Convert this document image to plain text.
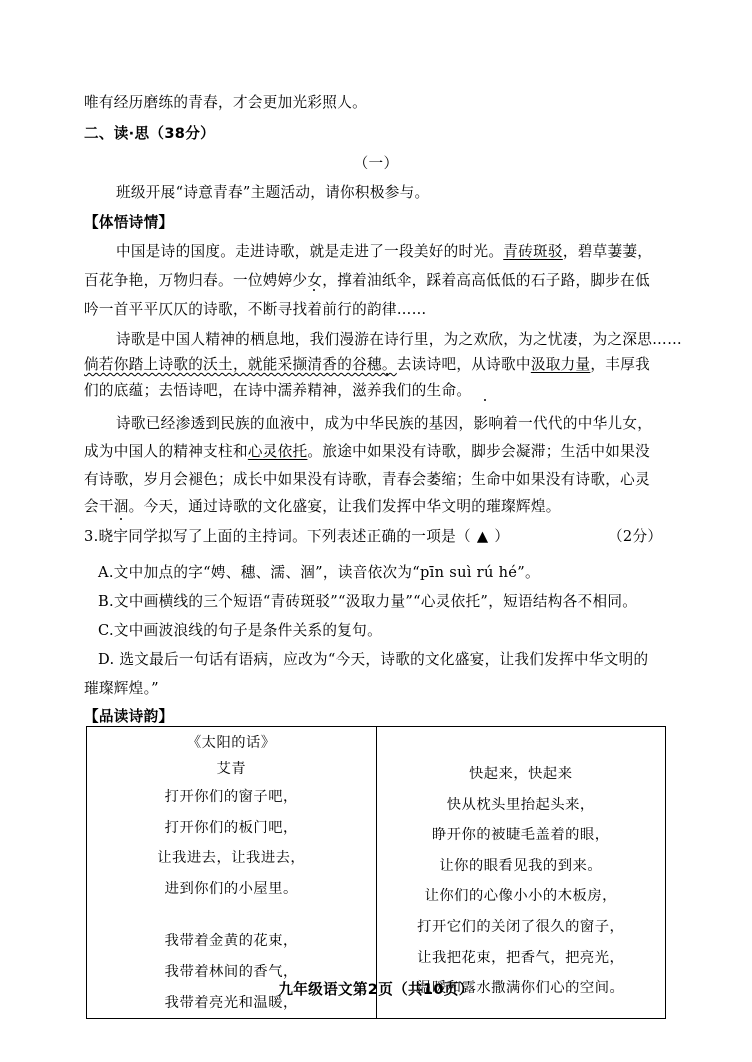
唯有经历磨练的青春，才会更加光彩照人。
二、读·思（38分）
（一）
班级开展“诗意青春”主题活动，请你积极参与。
【体悟诗情】
中国是诗的国度。走进诗歌，就是走进了一段美好的时光。青砖斑驳，碧草萋萋，
百花争艳，万物归春。一位娉婷少女，撑着油纸伞，踩着高高低低的石子路，脚步在低
吟一首平平仄仄的诗歌，不断寻找着前行的韵律……
诗歌是中国人精神的栖息地，我们漫游在诗行里，为之欢欣，为之忧凄，为之深思……
倘若你踏上诗歌的沃土，就能采撷清香的谷穗。去读诗吧，从诗歌中汲取力量，丰厚我
们的底蕴；去悟诗吧，在诗中濡养精神，滋养我们的生命。
诗歌已经渗透到民族的血液中，成为中华民族的基因，影响着一代代的中华儿女，
成为中国人的精神支柱和心灵依托。旅途中如果没有诗歌，脚步会凝滞；生活中如果没
有诗歌，岁月会褪色；成长中如果没有诗歌，青春会萎缩；生命中如果没有诗歌，心灵
会干涸。今天，通过诗歌的文化盛宴，让我们发挥中华文明的璀璨辉煌。
3.晓宇同学拟写了上面的主持词。下列表述正确的一项是（ ▲ ）	（2分）
A.文中加点的字“娉、穗、濡、涸”，读音依次为“pīn suì rú hé”。
B.文中画横线的三个短语“青砖斑驳”“汲取力量”“心灵依托”，短语结构各不相同。
C.文中画波浪线的句子是条件关系的复句。
D. 选文最后一句话有语病，应改为“今天，诗歌的文化盛宴，让我们发挥中华文明的
璀璨辉煌。”
【品读诗韵】
《太阳的话》
艾青
打开你们的窗子吧，
打开你们的板门吧，
让我进去，让我进去，
进到你们的小屋里。
我带着金黄的花束，
我带着林间的香气，
我带着亮光和温暖，

快起来，快起来
快从枕头里抬起头来，
睁开你的被睫毛盖着的眼，
让你的眼看见我的到来。
让你们的心像小小的木板房，
打开它们的关闭了很久的窗子，
让我把花束，把香气，把亮光，
温暖和露水撒满你们心的空间。
九年级语文第2页（共10页）
